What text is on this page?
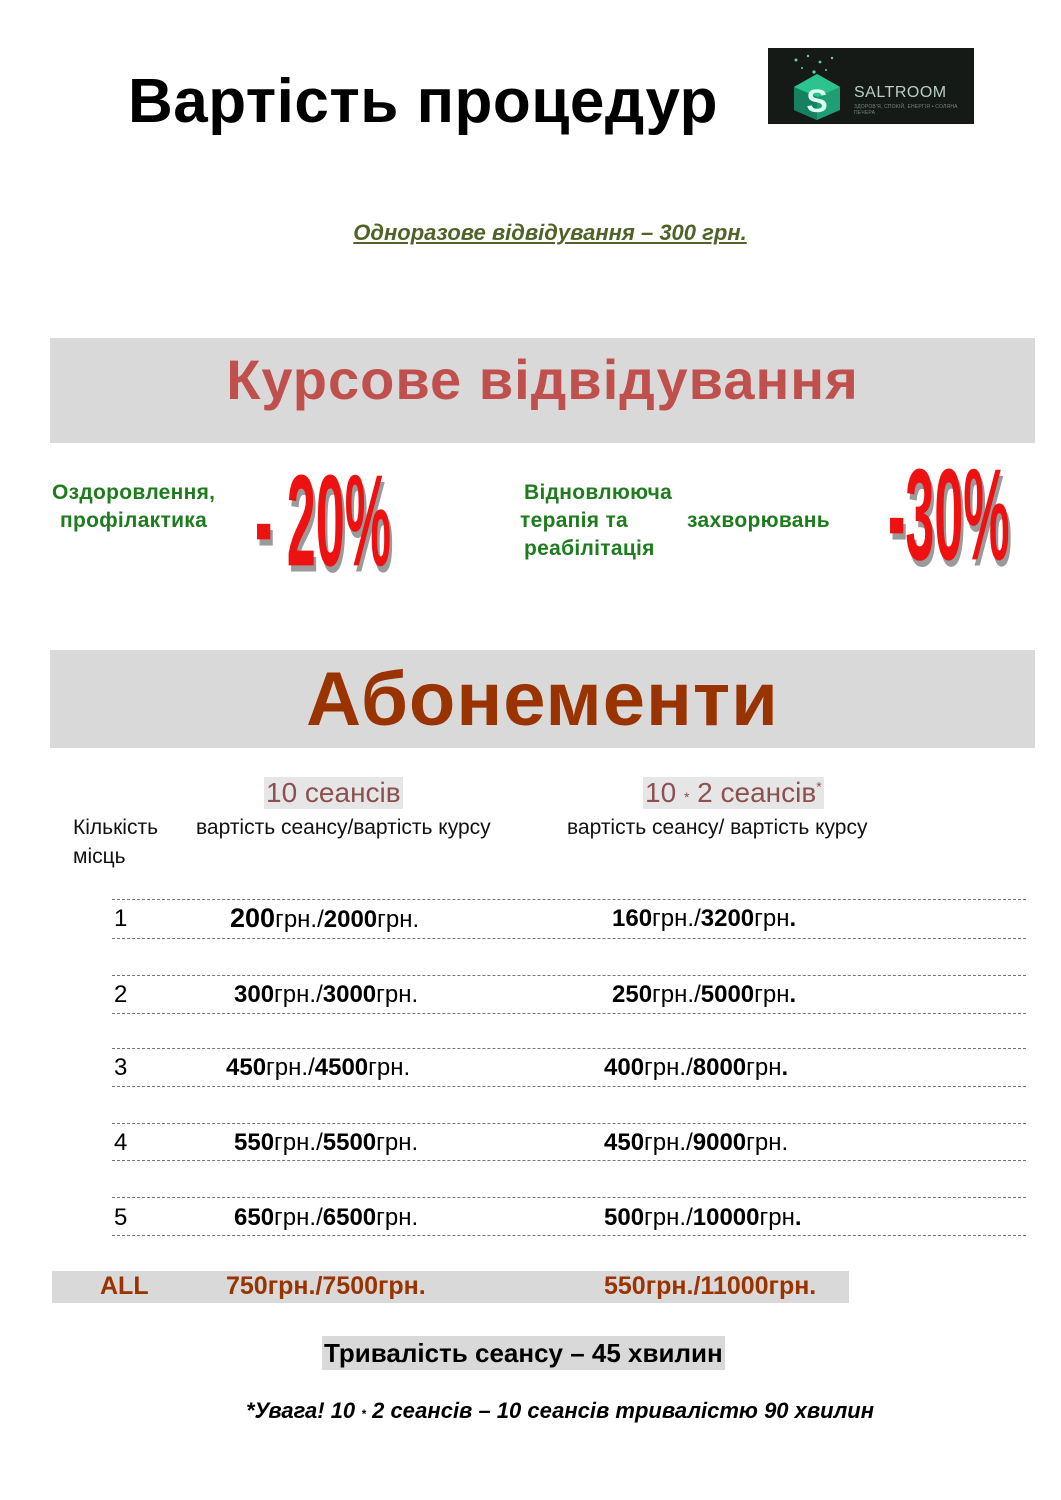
Вартість процедур	S SALTROOM
ЗДОРОВ'Я, СПОКІЙ, ЕНЕРГІЯ • СОЛЯНА ПЕЧЕРА
Одноразове відвідування – 300 грн.
Курсове відвідування
Оздоровлення,
профілактика - 20%	Відновлююча
терапія та	захворювань
реабілітація	-30%
Абонементи
10 сеансів	10 * 2 сеансів*
Кількість
місць
вартість сеансу/вартість курсу	вартість сеансу/ вартість курсу
1	200грн./2000грн.	160грн./3200грн.
2	300грн./3000грн.	250грн./5000грн.
3	450грн./4500грн.	400грн./8000грн.
4	550грн./5500грн.	450грн./9000грн.
5	650грн./6500грн.	500грн./10000грн.
ALL	750грн./7500грн.	550грн./11000грн.
Тривалість сеансу – 45 хвилин
*Увага! 10 * 2 сеансів – 10 сеансів тривалістю 90 хвилин
